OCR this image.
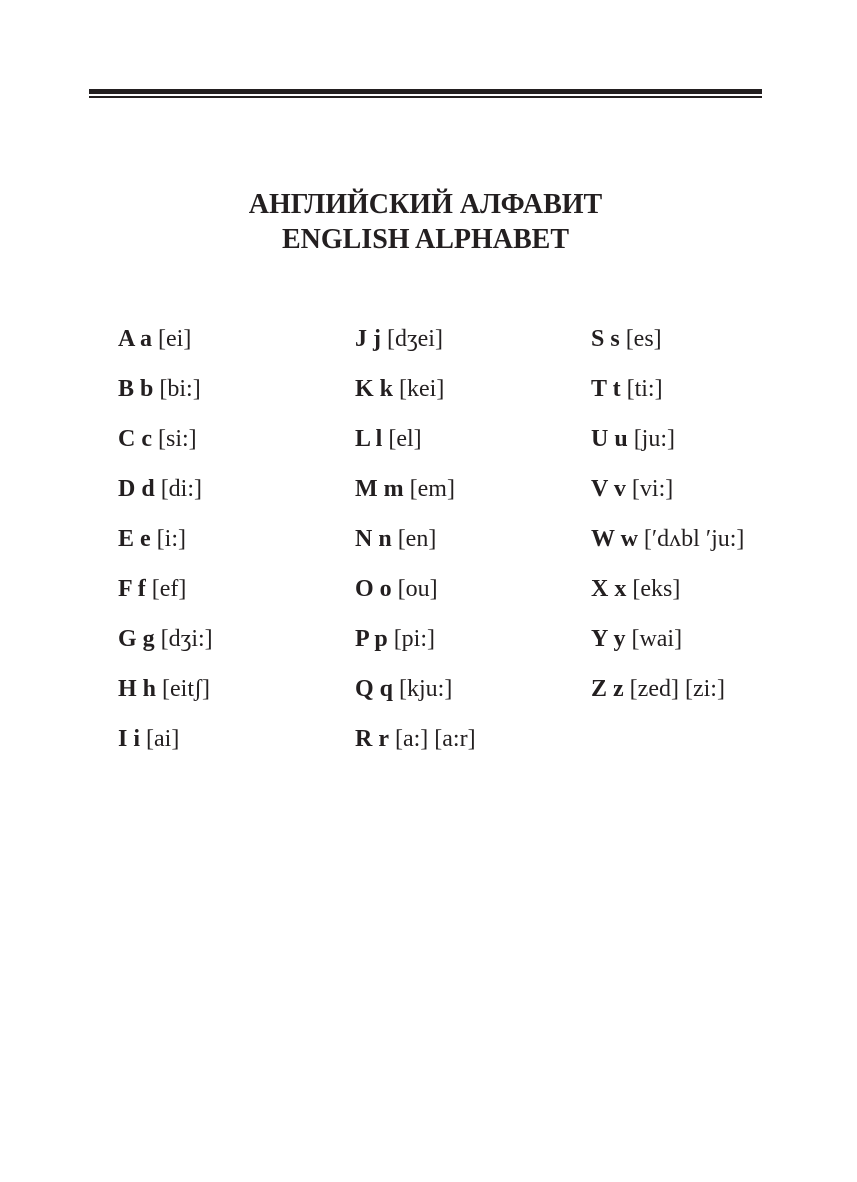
АНГЛИЙСКИЙ АЛФАВИТ
ENGLISH ALPHABET
A a [ei]
B b [bi:]
C c [si:]
D d [di:]
E e [i:]
F f [ef]
G g [dʒi:]
H h [eitʃ]
I i [ai]
J j [dʒei]
K k [kei]
L l [el]
M m [em]
N n [en]
O o [ou]
P p [pi:]
Q q [kju:]
R r [a:] [a:r]
S s [es]
T t [ti:]
U u [ju:]
V v [vi:]
W w [′dʌbl ′ju:]
X x [eks]
Y y [wai]
Z z [zed] [zi:]
